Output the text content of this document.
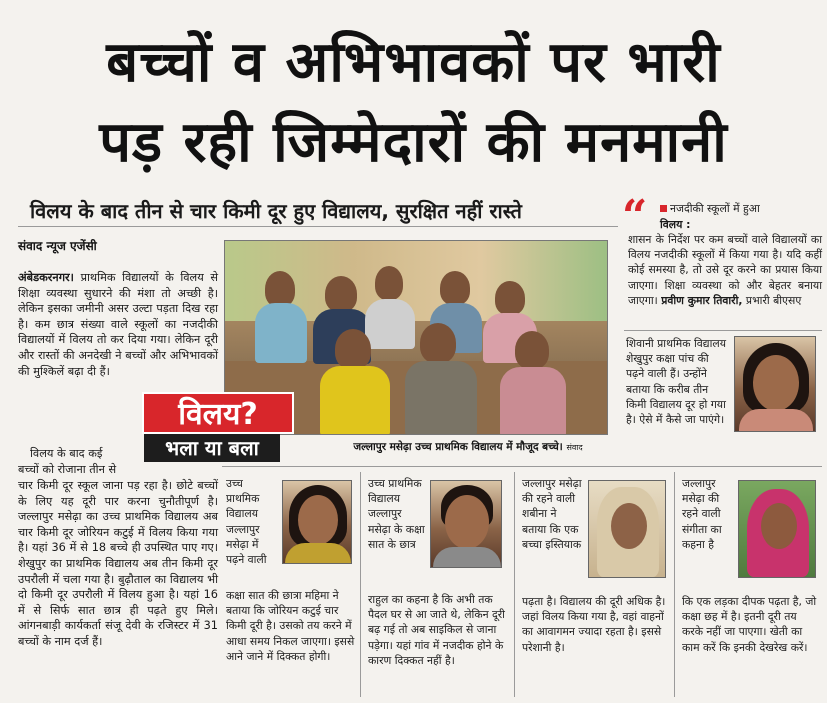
बच्चों व अभिभावकों पर भारी
पड़ रही जिम्मेदारों की मनमानी
विलय के बाद तीन से चार किमी दूर हुए विद्यालय, सुरक्षित नहीं रास्ते
संवाद न्यूज एजेंसी
अंबेडकरनगर। प्राथमिक विद्यालयों के विलय से शिक्षा व्यवस्था सुधारने की मंशा तो अच्छी है। लेकिन इसका जमीनी असर उल्टा पड़ता दिख रहा है। कम छात्र संख्या वाले स्कूलों का नजदीकी विद्यालयों में विलय तो कर दिया गया। लेकिन दूरी और रास्तों की अनदेखी ने बच्चों और अभिभावकों की मुश्किलें बढ़ा दी हैं।
विलय के बाद कई
बच्चों को रोजाना तीन से
चार किमी दूर स्कूल जाना पड़ रहा है। छोटे बच्चों के लिए यह दूरी पार करना चुनौतीपूर्ण है। जल्लापुर मसेढ़ा का उच्च प्राथमिक विद्यालय अब चार किमी दूर जोरियन कटुई में विलय किया गया है। यहां 36 में से 18 बच्चे ही उपस्थित पाए गए। शेखुपुर का प्राथमिक विद्यालय अब तीन किमी दूर उपरौली में चला गया है। बुढ़ौताल का विद्यालय भी दो किमी दूर उपरौली में विलय हुआ है। यहां 16 में से सिर्फ सात छात्र ही पढ़ते हुए मिले। आंगनबाड़ी कार्यकर्ता संजू देवी के रजिस्टर में 31 बच्चों के नाम दर्ज हैं।
विलय?
भला या बला	जल्लापुर मसेढ़ा उच्च प्राथमिक विद्यालय में मौजूद बच्चे। संवाद
“	नजदीकी स्कूलों में हुआ
विलय :
शासन के निर्देश पर कम बच्चों वाले विद्यालयों का विलय नजदीकी स्कूलों में किया गया है। यदि कहीं कोई समस्या है, तो उसे दूर करने का प्रयास किया जाएगा। शिक्षा व्यवस्था को और बेहतर बनाया जाएगा। प्रवीण कुमार तिवारी, प्रभारी बीएसए
शिवानी प्राथमिक विद्यालय शेखुपुर कक्षा पांच की पढ़ने वाली हैं। उन्होंने बताया कि करीब तीन किमी विद्यालय दूर हो गया है। ऐसे में कैसे जा पाएंगे।
उच्च प्राथमिक विद्यालय जल्लापुर मसेढ़ा में पढ़ने वाली
कक्षा सात की छात्रा महिमा ने बताया कि जोरियन कटुई चार किमी दूरी है। उसको तय करने में आधा समय निकल जाएगा। इससे आने जाने में दिक्कत होगी।
उच्च प्राथमिक विद्यालय जल्लापुर मसेढ़ा के कक्षा सात के छात्र
राहुल का कहना है कि अभी तक पैदल घर से आ जाते थे, लेकिन दूरी बढ़ गई तो अब साइकिल से जाना पड़ेगा। यहां गांव में नजदीक होने के कारण दिक्कत नहीं है।
जल्लापुर मसेढ़ा की रहने वाली शबीना ने बताया कि एक बच्चा इस्तियाक
पढ़ता है। विद्यालय की दूरी अधिक है। जहां विलय किया गया है, वहां वाहनों का आवागमन ज्यादा रहता है। इससे परेशानी है।
जल्लापुर मसेढ़ा की रहने वाली संगीता का कहना है
कि एक लड़का दीपक पढ़ता है, जो कक्षा छह में है। इतनी दूरी तय करके नहीं जा पाएगा। खेती का काम करें कि इनकी देखरेख करें।
